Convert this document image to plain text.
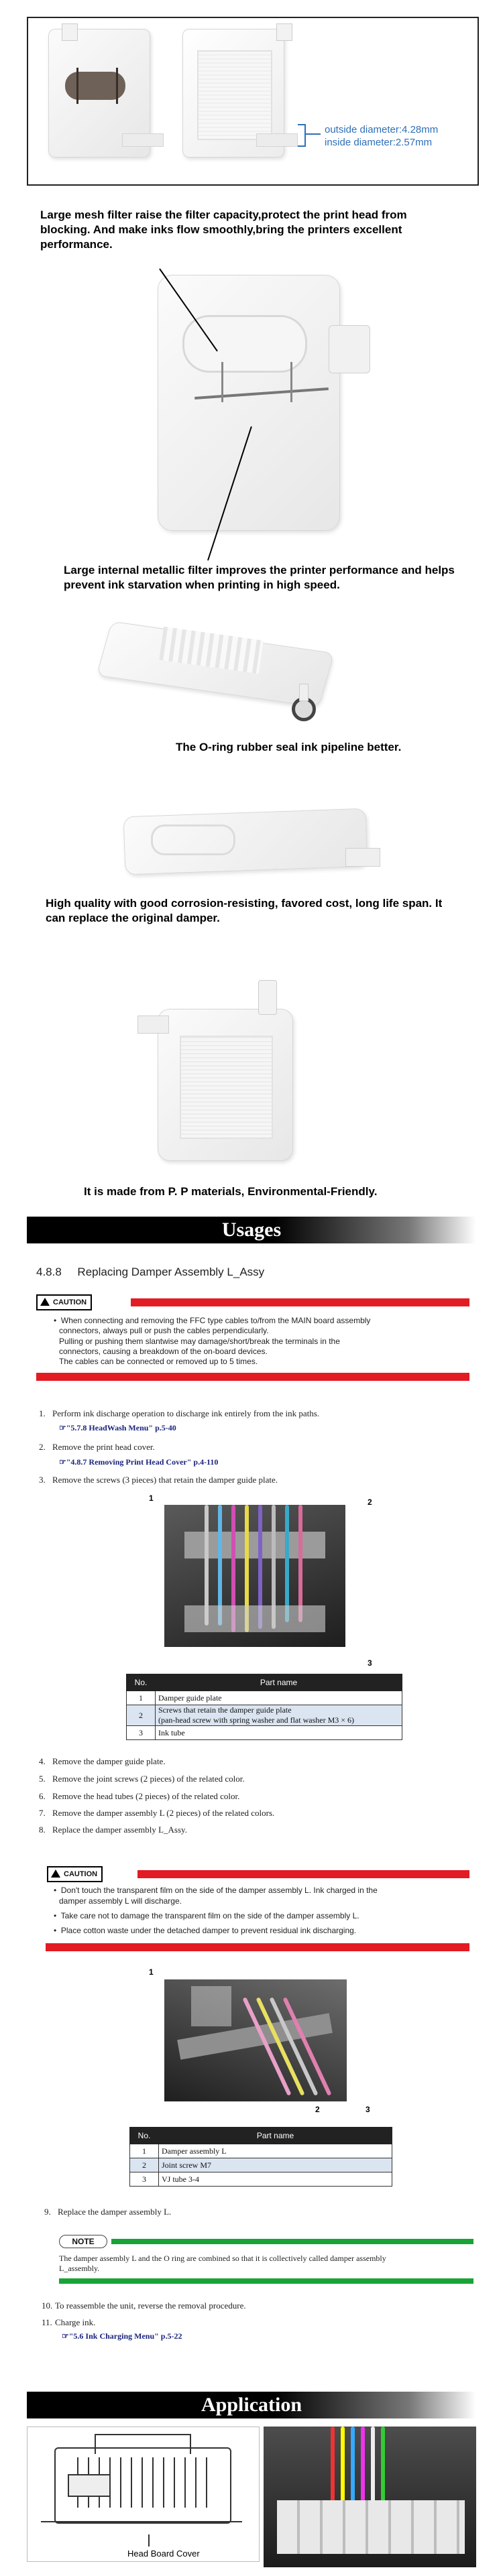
outside diameter:4.28mm
inside diameter:2.57mm
Large mesh filter raise the filter capacity,protect the print head from blocking. And make inks flow smoothly,bring the printers excellent performance.
Large internal metallic filter improves the printer performance and helps prevent ink starvation when printing in high speed.
The O-ring rubber seal ink pipeline better.
High quality with good corrosion-resisting, favored cost, long life span. It can replace the original damper.
It is made from P. P materials, Environmental-Friendly.
Usages
4.8.8     Replacing Damper Assembly L_Assy
CAUTION
•  When connecting and removing the FFC type cables to/from the MAIN board assembly
connectors, always pull or push the cables perpendicularly.
Pulling or pushing them slantwise may damage/short/break the terminals in the
connectors, causing a breakdown of the on-board devices.
The cables can be connected or removed up to 5 times.
1. Perform ink discharge operation to discharge ink entirely from the ink paths.
☞"5.7.8 HeadWash Menu" p.5-40
2. Remove the print head cover.
☞"4.8.7 Removing Print Head Cover" p.4-110
3. Remove the screws (3 pieces) that retain the damper guide plate.
1	2
3
No.	Part name
1	Damper guide plate
2	Screws that retain the damper guide plate
(pan-head screw with spring washer and flat washer M3 × 6)

3	Ink tube
4. Remove the damper guide plate.
5. Remove the joint screws (2 pieces) of the related color.
6. Remove the head tubes (2 pieces) of the related color.
7. Remove the damper assembly L (2 pieces) of the related colors.
8. Replace the damper assembly L_Assy.
CAUTION
•  Don't touch the transparent film on the side of the damper assembly L. Ink charged in the
damper assembly L will discharge.
•  Take care not to damage the transparent film on the side of the damper assembly L.
•  Place cotton waste under the detached damper to prevent residual ink discharging.
1
2	3
No.	Part name
1	Damper assembly L
2	Joint screw M7
3	VJ tube 3-4
9. Replace the damper assembly L.
NOTE
The damper assembly L and the O ring are combined so that it is collectively called damper assembly
L_assembly.
10. To reassemble the unit, reverse the removal procedure.
11. Charge ink.
☞"5.6 Ink Charging Menu" p.5-22
Application
Head Board Cover
